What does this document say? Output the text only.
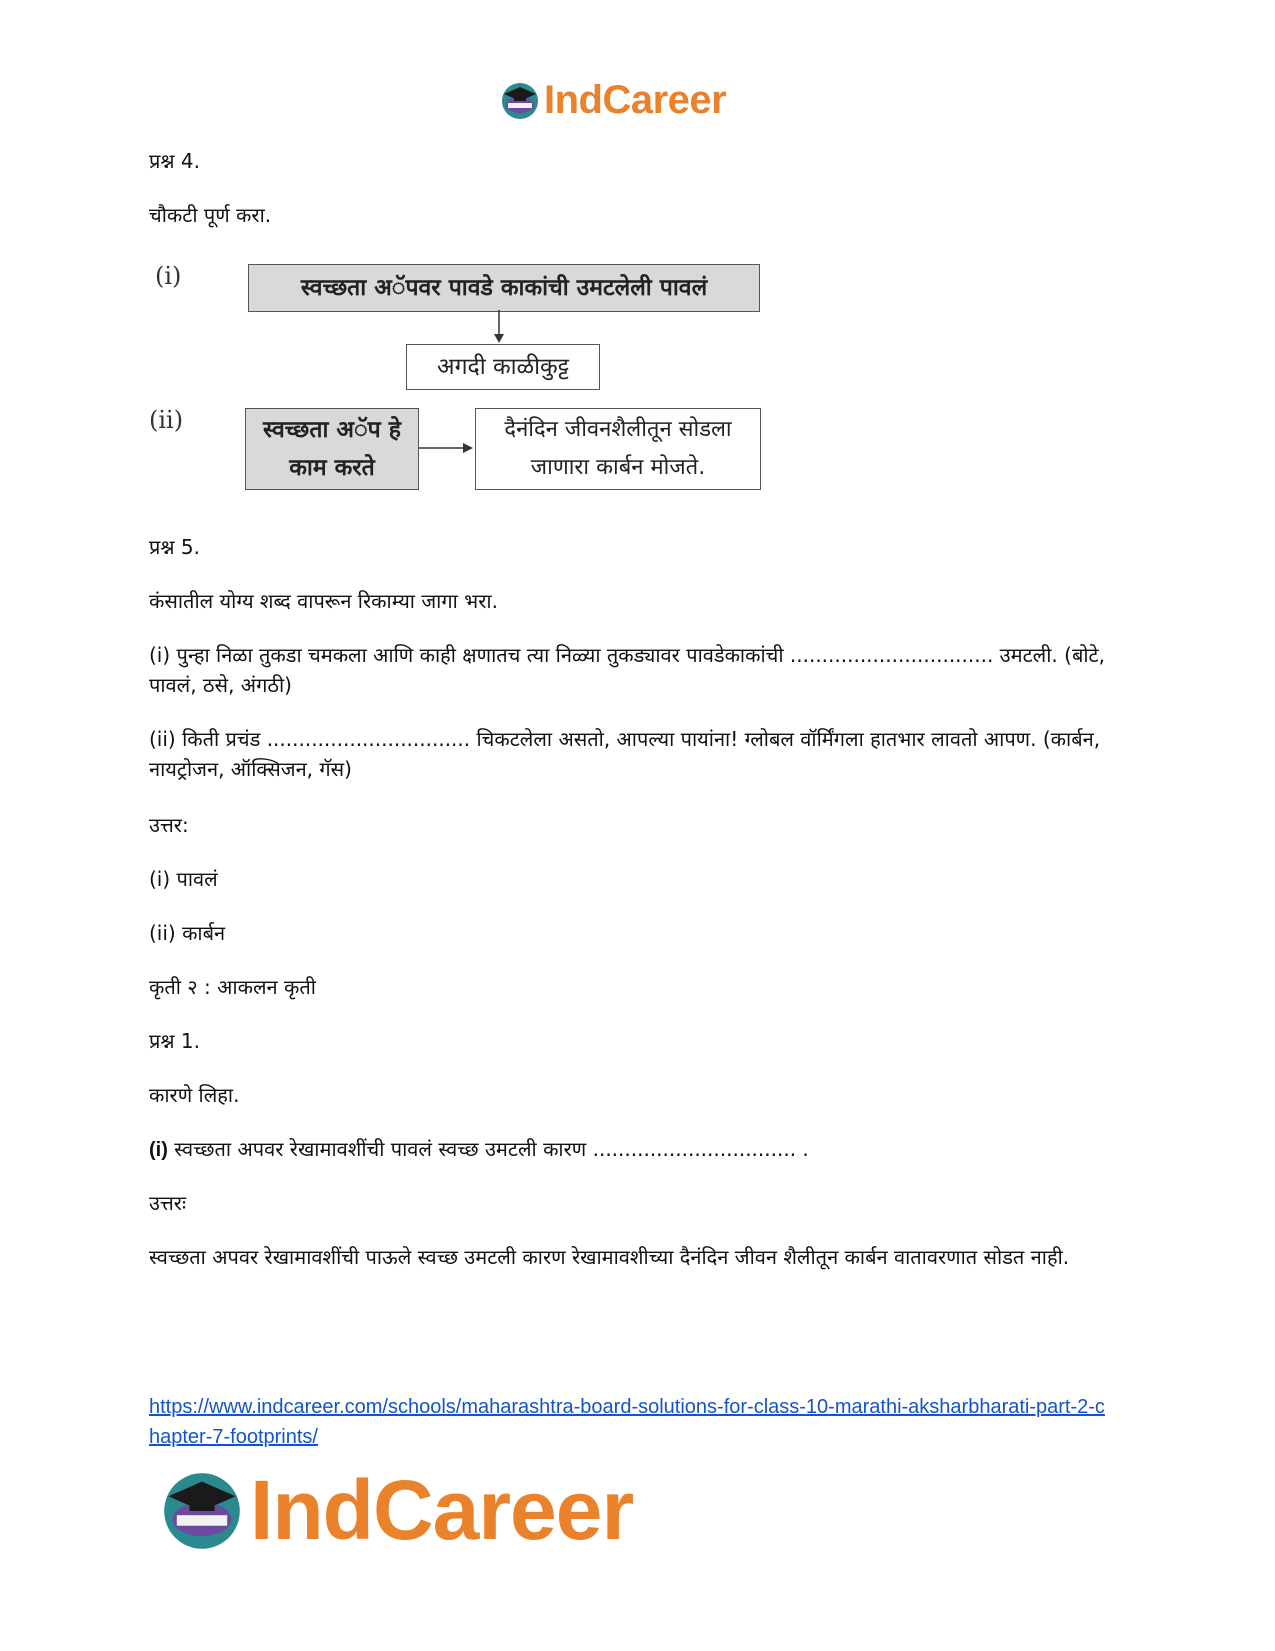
IndCareer
प्रश्न 4.
चौकटी पूर्ण करा.
(i)	स्वच्छता अॅपवर पावडे काकांची उमटलेली पावलं
अगदी काळीकुट्ट
(ii)	स्वच्छता अॅप हे
काम करते
दैनंदिन जीवनशैलीतून सोडला
जाणारा कार्बन मोजते.
प्रश्न 5.
कंसातील योग्य शब्द वापरून रिकाम्या जागा भरा.
(i) पुन्हा निळा तुकडा चमकला आणि काही क्षणातच त्या निळ्या तुकड्यावर पावडेकाकांची ................................ उमटली. (बोटे, पावलं, ठसे, अंगठी)
(ii) किती प्रचंड ................................ चिकटलेला असतो, आपल्या पायांना! ग्लोबल वॉर्मिंगला हातभार लावतो आपण. (कार्बन, नायट्रोजन, ऑक्सिजन, गॅस)
उत्तर:
(i) पावलं
(ii) कार्बन
कृती २ : आकलन कृती
प्रश्न 1.
कारणे लिहा.
(i) स्वच्छता अपवर रेखामावशींची पावलं स्वच्छ उमटली कारण ................................ .
उत्तरः
स्वच्छता अपवर रेखामावशींची पाऊले स्वच्छ उमटली कारण रेखामावशीच्या दैनंदिन जीवन शैलीतून कार्बन वातावरणात सोडत नाही.
https://www.indcareer.com/schools/maharashtra-board-solutions-for-class-10-marathi-aksharbharati-part-2-chapter-7-footprints/
IndCareer
